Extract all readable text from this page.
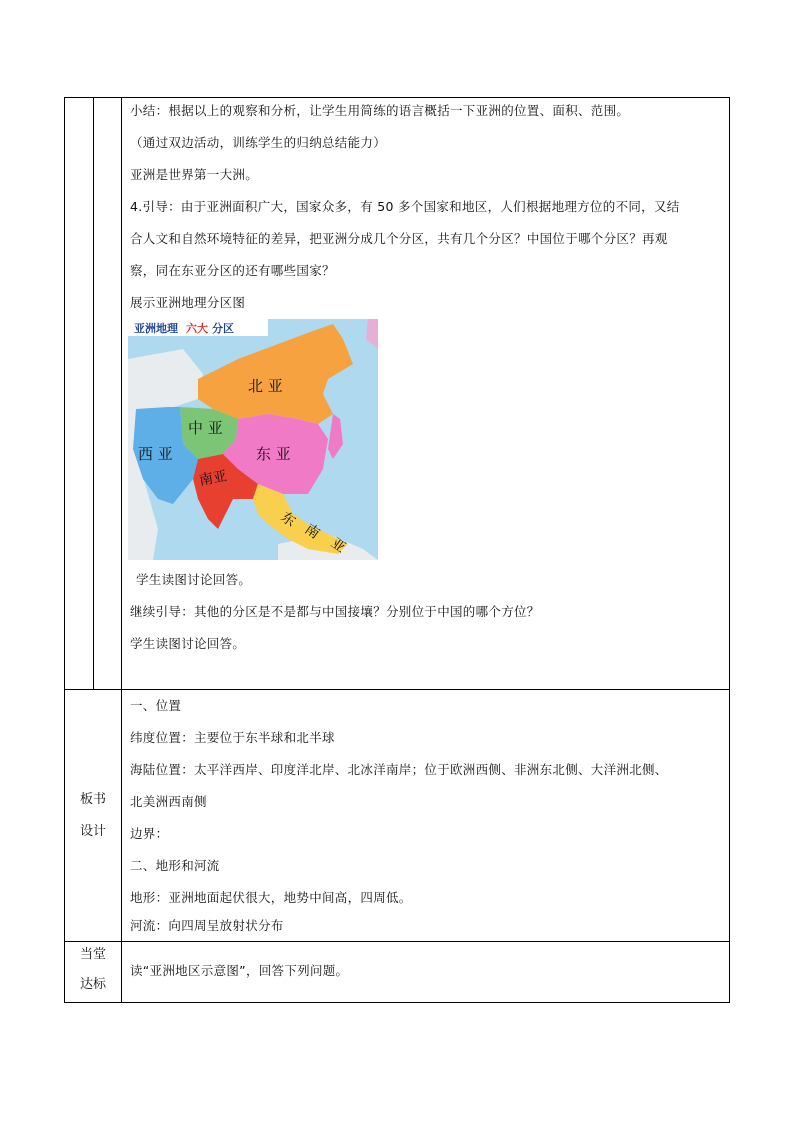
小结：根据以上的观察和分析，让学生用简练的语言概括一下亚洲的位置、面积、范围。
（通过双边活动，训练学生的归纳总结能力）
亚洲是世界第一大洲。
4.引导：由于亚洲面积广大，国家众多，有 50 多个国家和地区，人们根据地理方位的不同，又结
合人文和自然环境特征的差异，把亚洲分成几个分区，共有几个分区？中国位于哪个分区？再观
察，同在东亚分区的还有哪些国家？
展示亚洲地理分区图
亚洲地理 六大 分区
北 亚
中 亚
西 亚	东 亚
南亚
东
南
亚
学生读图讨论回答。
继续引导：其他的分区是不是都与中国接壤？分别位于中国的哪个方位？
学生读图讨论回答。
板书
设计
一、位置
纬度位置：主要位于东半球和北半球
海陆位置：太平洋西岸、印度洋北岸、北冰洋南岸；位于欧洲西侧、非洲东北侧、大洋洲北侧、
北美洲西南侧
边界：
二、地形和河流
地形：亚洲地面起伏很大，地势中间高，四周低。
河流：向四周呈放射状分布
当堂
达标
读“亚洲地区示意图”，回答下列问题。
